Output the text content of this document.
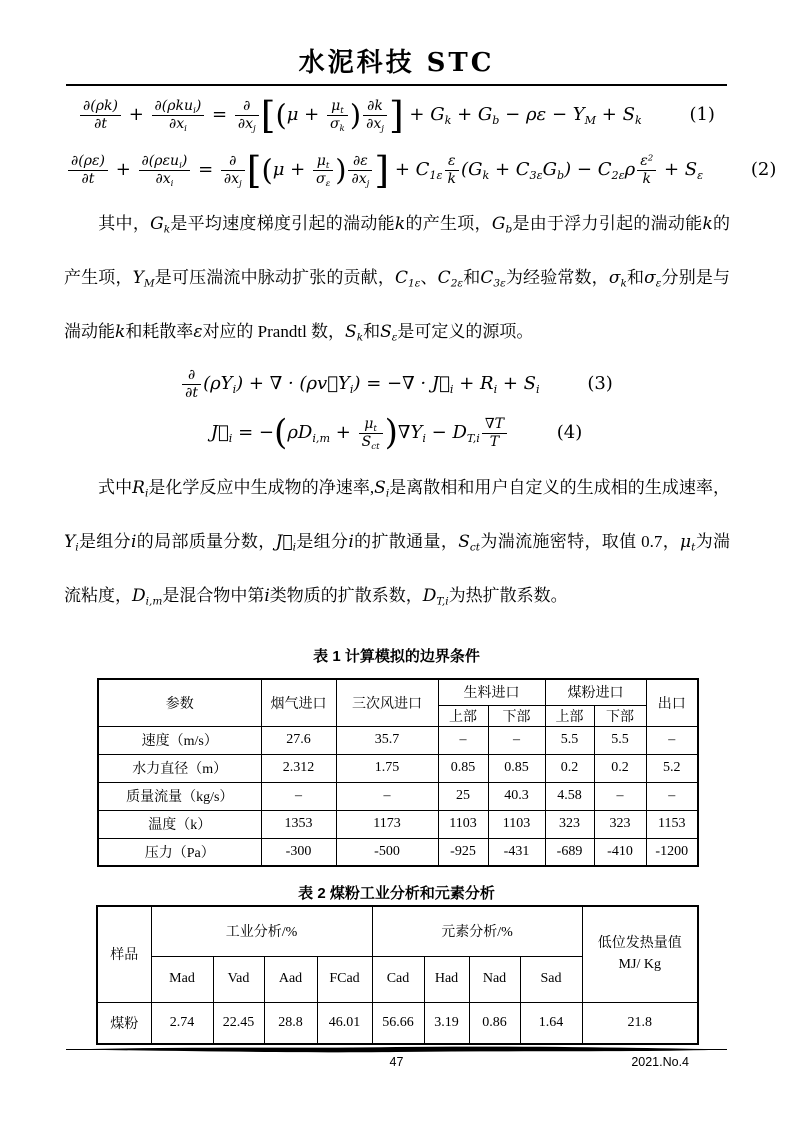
水泥科技 STC
$\frac{\partial(\rho k)}{\partial t} + \frac{\partial(\rho ku_i)}{\partial x_i} = \frac{\partial}{\partial x_j} [(\mu + \frac{\mu_t}{\sigma_k}$ ) $\frac{\partial k}{\partial x_j}$ ] + $G_k + G_b - \rho\varepsilon - Y_M + S_k$	(1)
$\frac{\partial(\rho\varepsilon)}{\partial t} + \frac{\partial(\rho\varepsilon u_i)}{\partial x_i} = \frac{\partial}{\partial x_j} [(\mu + \frac{\mu_t}{\sigma_\varepsilon}$ ) $\frac{\partial\varepsilon}{\partial x_j}$ ] + $C_{1\varepsilon} \frac{\varepsilon}{k} (G_k + C_{3\varepsilon}G_b) - C_{2\varepsilon}\rho \frac{\varepsilon^2}{k} + S_\varepsilon$	(2)
其中，$G_k$是平均速度梯度引起的湍动能k的产生项，$G_b$是由于浮力引起的湍动能k的产生项，$Y_M$是可压湍流中脉动扩张的贡献，$C_{1\varepsilon}$、$C_{2\varepsilon}$和$C_{3\varepsilon}$为经验常数，$\sigma_k$和$\sigma_\varepsilon$分别是与湍动能k和耗散率ε对应的 Prandtl 数，$S_k$和$S_\varepsilon$是可定义的源项。
$\frac{\partial}{\partial t} (\rho Y_i)$ + ∇ · $(\rho v⃗Y_i)$ = −∇ · $J⃗_i + R_i + S_i$	(3)
$J⃗_i = -(\rho D_{i,m} + \frac{\mu_t}{S_{ct}} )\nabla Y_i - D_{T,i} \frac{\nabla T}{T}$	(4)
式中$R_i$是化学反应中生成物的净速率$,S_i$是离散相和用户自定义的生成相的生成速率，$Y_i$是组分i的局部质量分数，$J⃗_i$是组分i的扩散通量，$S_{ct}$为湍流施密特，取值 0.7，$\mu_t$为湍流粘度，$D_{i,m}$是混合物中第i类物质的扩散系数，$D_{T,i}$为热扩散系数。
表 1 计算模拟的边界条件
参数	烟气进口	三次风进口	生料进口		煤粉进口		出口
			上部	下部	上部	下部	
速度（m/s）	27.6	35.7	–	–	5.5	5.5	–
水力直径（m）	2.312	1.75	0.85	0.85	0.2	0.2	5.2
质量流量（kg/s）	–	–	25	40.3	4.58	–	–
温度（k）	1353	1173	1103	1103	323	323	1153
压力（Pa）	-300	-500	-925	-431	-689	-410	-1200
表 2 煤粉工业分析和元素分析
样品	工业分析/%				元素分析/%				低位发热量值
MJ/ Kg

	Mad	Vad	Aad	FCad	Cad	Had	Nad	Sad	
煤粉	2.74	22.45	28.8	46.01	56.66	3.19	0.86	1.64	21.8
47	2021.No.4
